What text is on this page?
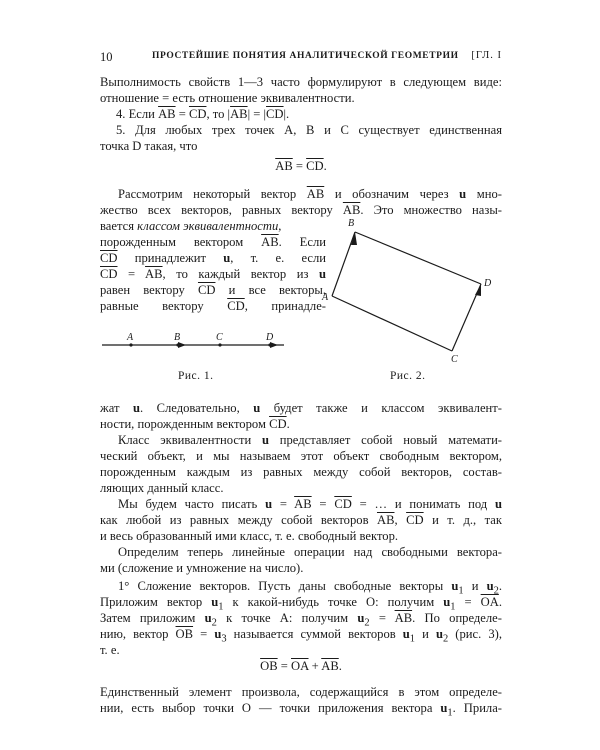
10	ПРОСТЕЙШИЕ ПОНЯТИЯ АНАЛИТИЧЕСКОЙ ГЕОМЕТРИИ [ГЛ. I
Выполнимость свойств 1—3 часто формулируют в следующем виде:
отношение = есть отношение эквивалентности.
4. Если $\overline{AB} = \overline{CD}$, то $|\overline{AB}| = |\overline{CD}|$.
5. Для любых трех точек A, B и C существует единственная
точка D такая, что
$\overline{AB} = \overline{CD}$.
Рассмотрим некоторый вектор $\overline{AB}$ и обозначим через u мно-
жество всех векторов, равных вектору $\overline{AB}$. Это множество назы-
вается классом эквивалентности,
порожденным вектором $\overline{AB}$. Если
$\overline{CD}$ принадлежит u, т. е. если
$\overline{CD} = \overline{AB}$, то каждый вектор из u
равен вектору $\overline{CD}$ и все векторы,
равные вектору $\overline{CD}$, принадле-
A	B	C	D
Рис. 1.
A
B
C
D
Рис. 2.
жат u. Следовательно, u будет также и классом эквивалент-
ности, порожденным вектором $\overline{CD}$.
Класс эквивалентности u представляет собой новый математи-
ческий объект, и мы называем этот объект свободным вектором,
порожденным каждым из равных между собой векторов, состав-
ляющих данный класс.
Мы будем часто писать $u = \overline{AB} = \overline{CD}$ = … и понимать под u
как любой из равных между собой векторов $\overline{AB}$, $\overline{CD}$ и т. д., так
и весь образованный ими класс, т. е. свободный вектор.
Определим теперь линейные операции над свободными вектора-
ми (сложение и умножение на число).
1° Сложение векторов. Пусть даны свободные векторы $u_1$ и $u_2$.
Приложим вектор $u_1$ к какой-нибудь точке O: получим $u_1 = \overline{OA}$.
Затем приложим $u_2$ к точке A: получим $u_2 = \overline{AB}$. По определе-
нию, вектор $\overline{OB} = u_3$ называется суммой векторов $u_1$ и $u_2$ (рис. 3),
т. е.
$\overline{OB} = \overline{OA} + \overline{AB}$.
Единственный элемент произвола, содержащийся в этом определе-
нии, есть выбор точки O — точки приложения вектора $u_1$. Прила-
